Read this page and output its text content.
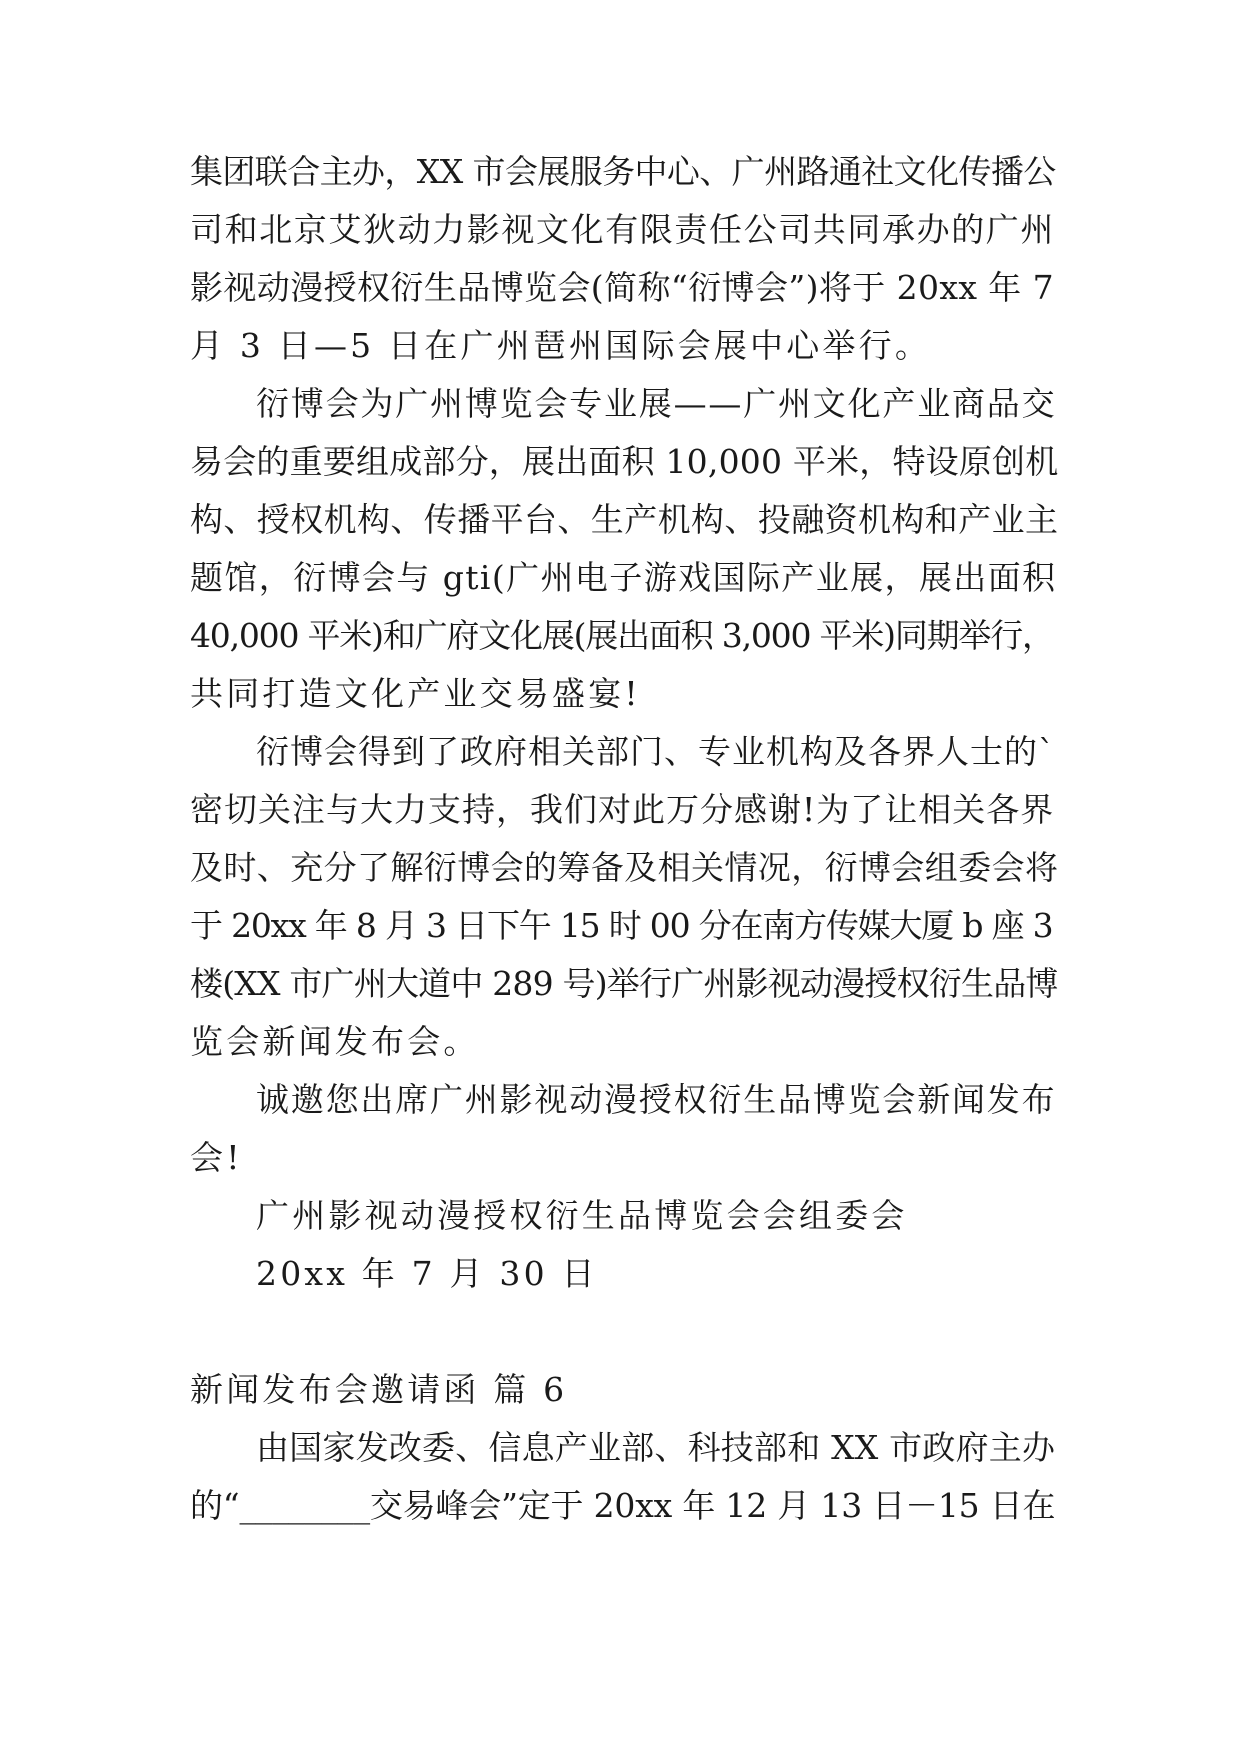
集团联合主办，XX 市会展服务中心、广州路通社文化传播公
司和北京艾狄动力影视文化有限责任公司共同承办的广州
影视动漫授权衍生品博览会(简称“衍博会”)将于 20xx 年 7
月 3 日—5 日在广州琶州国际会展中心举行。
衍博会为广州博览会专业展——广州文化产业商品交
易会的重要组成部分，展出面积 10,000 平米，特设原创机
构、授权机构、传播平台、生产机构、投融资机构和产业主
题馆，衍博会与 gti(广州电子游戏国际产业展，展出面积
40,000 平米)和广府文化展(展出面积 3,000 平米)同期举行，
共同打造文化产业交易盛宴!
衍博会得到了政府相关部门、专业机构及各界人士的`
密切关注与大力支持，我们对此万分感谢!为了让相关各界
及时、充分了解衍博会的筹备及相关情况，衍博会组委会将
于 20xx 年 8 月 3 日下午 15 时 00 分在南方传媒大厦 b 座 3
楼(XX 市广州大道中 289 号)举行广州影视动漫授权衍生品博
览会新闻发布会。
诚邀您出席广州影视动漫授权衍生品博览会新闻发布
会!
广州影视动漫授权衍生品博览会会组委会
20xx 年 7 月 30 日
新闻发布会邀请函 篇 6
由国家发改委、信息产业部、科技部和 XX 市政府主办
的“________交易峰会”定于 20xx 年 12 月 13 日－15 日在
